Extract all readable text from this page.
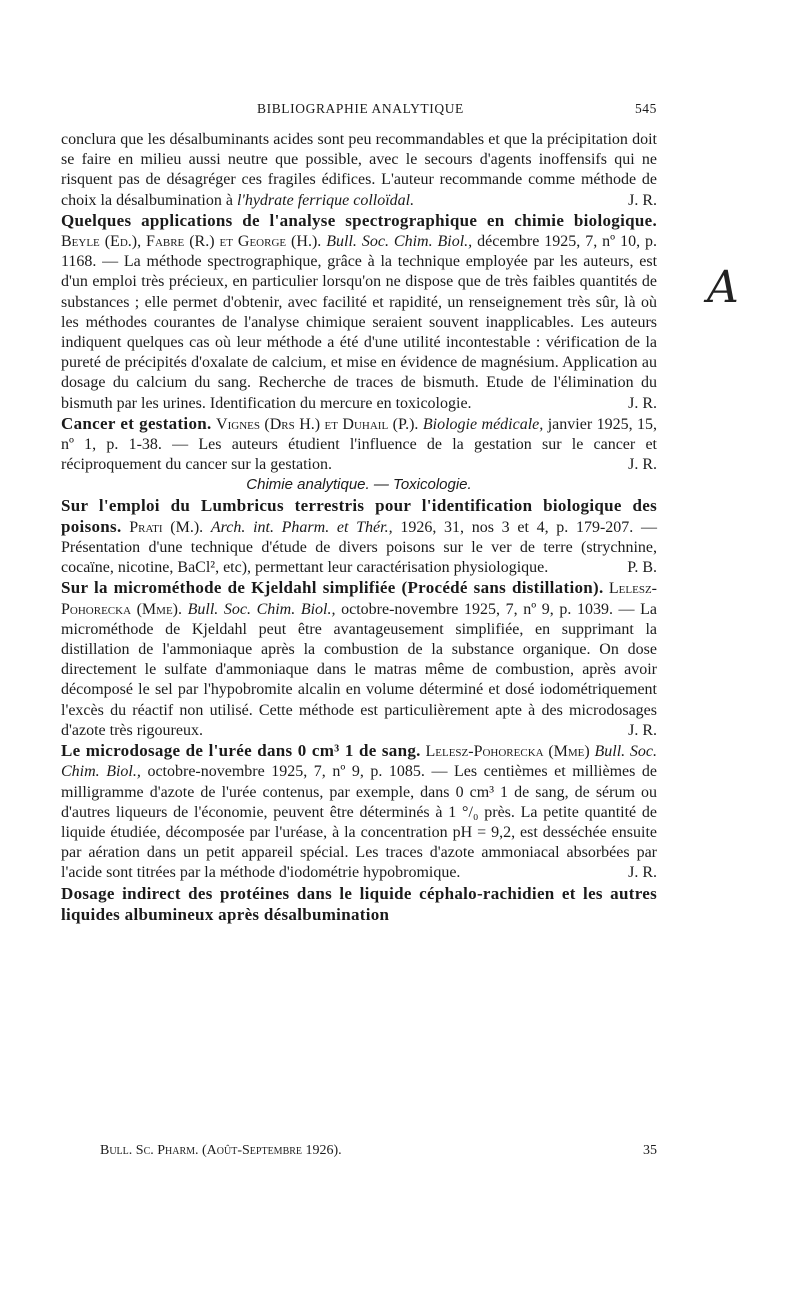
BIBLIOGRAPHIE ANALYTIQUE	545
A

conclura que les désalbuminants acides sont peu recommandables et que la précipitation doit se faire en milieu aussi neutre que possible, avec le secours d'agents inoffensifs qui ne risquent pas de désagréger ces fragiles édifices. L'auteur recommande comme méthode de choix la désalbumination à l'hydrate ferrique colloïdal.	J. R.

Quelques applications de l'analyse spectrographique en chimie biologique. Beyle (Ed.), Fabre (R.) et George (H.). Bull. Soc. Chim. Biol., décembre 1925, 7, nº 10, p. 1168. — La méthode spectrographique, grâce à la technique employée par les auteurs, est d'un emploi très précieux, en particulier lorsqu'on ne dispose que de très faibles quantités de substances ; elle permet d'obtenir, avec facilité et rapidité, un renseignement très sûr, là où les méthodes courantes de l'analyse chimique seraient souvent inapplicables. Les auteurs indiquent quelques cas où leur méthode a été d'une utilité incontestable : vérification de la pureté de précipités d'oxalate de calcium, et mise en évidence de magnésium. Application au dosage du calcium du sang. Recherche de traces de bismuth. Etude de l'élimination du bismuth par les urines. Identification du mercure en toxicologie.	J. R.

Cancer et gestation. Vignes (Drs H.) et Duhail (P.). Biologie médicale, janvier 1925, 15, nº 1, p. 1-38. — Les auteurs étudient l'influence de la gestation sur le cancer et réciproquement du cancer sur la gestation.	J. R.

Chimie analytique. — Toxicologie.

Sur l'emploi du Lumbricus terrestris pour l'identification biologique des poisons. Prati (M.). Arch. int. Pharm. et Thér., 1926, 31, nos 3 et 4, p. 179-207. — Présentation d'une technique d'étude de divers poisons sur le ver de terre (strychnine, cocaïne, nicotine, BaCl², etc), permettant leur caractérisation physiologique.	P. B.

Sur la microméthode de Kjeldahl simplifiée (Procédé sans distillation). Lelesz-Pohorecka (Mme). Bull. Soc. Chim. Biol., octobre-novembre 1925, 7, nº 9, p. 1039. — La microméthode de Kjeldahl peut être avantageusement simplifiée, en supprimant la distillation de l'ammoniaque après la combustion de la substance organique. On dose directement le sulfate d'ammoniaque dans le matras même de combustion, après avoir décomposé le sel par l'hypobromite alcalin en volume déterminé et dosé iodométriquement l'excès du réactif non utilisé. Cette méthode est particulièrement apte à des microdosages d'azote très rigoureux.	J. R.

Le microdosage de l'urée dans 0 cm³ 1 de sang. Lelesz-Pohorecka (Mme) Bull. Soc. Chim. Biol., octobre-novembre 1925, 7, nº 9, p. 1085. — Les centièmes et millièmes de milligramme d'azote de l'urée contenus, par exemple, dans 0 cm³ 1 de sang, de sérum ou d'autres liqueurs de l'économie, peuvent être déterminés à 1 °/₀ près. La petite quantité de liquide étudiée, décomposée par l'uréase, à la concentration pH = 9,2, est desséchée ensuite par aération dans un petit appareil spécial. Les traces d'azote ammoniacal absorbées par l'acide sont titrées par la méthode d'iodométrie hypobromique.	J. R.

Dosage indirect des protéines dans le liquide céphalo-rachidien et les autres liquides albumineux après désalbumination

Bull. Sc. Pharm. (Août-Septembre 1926).	35
